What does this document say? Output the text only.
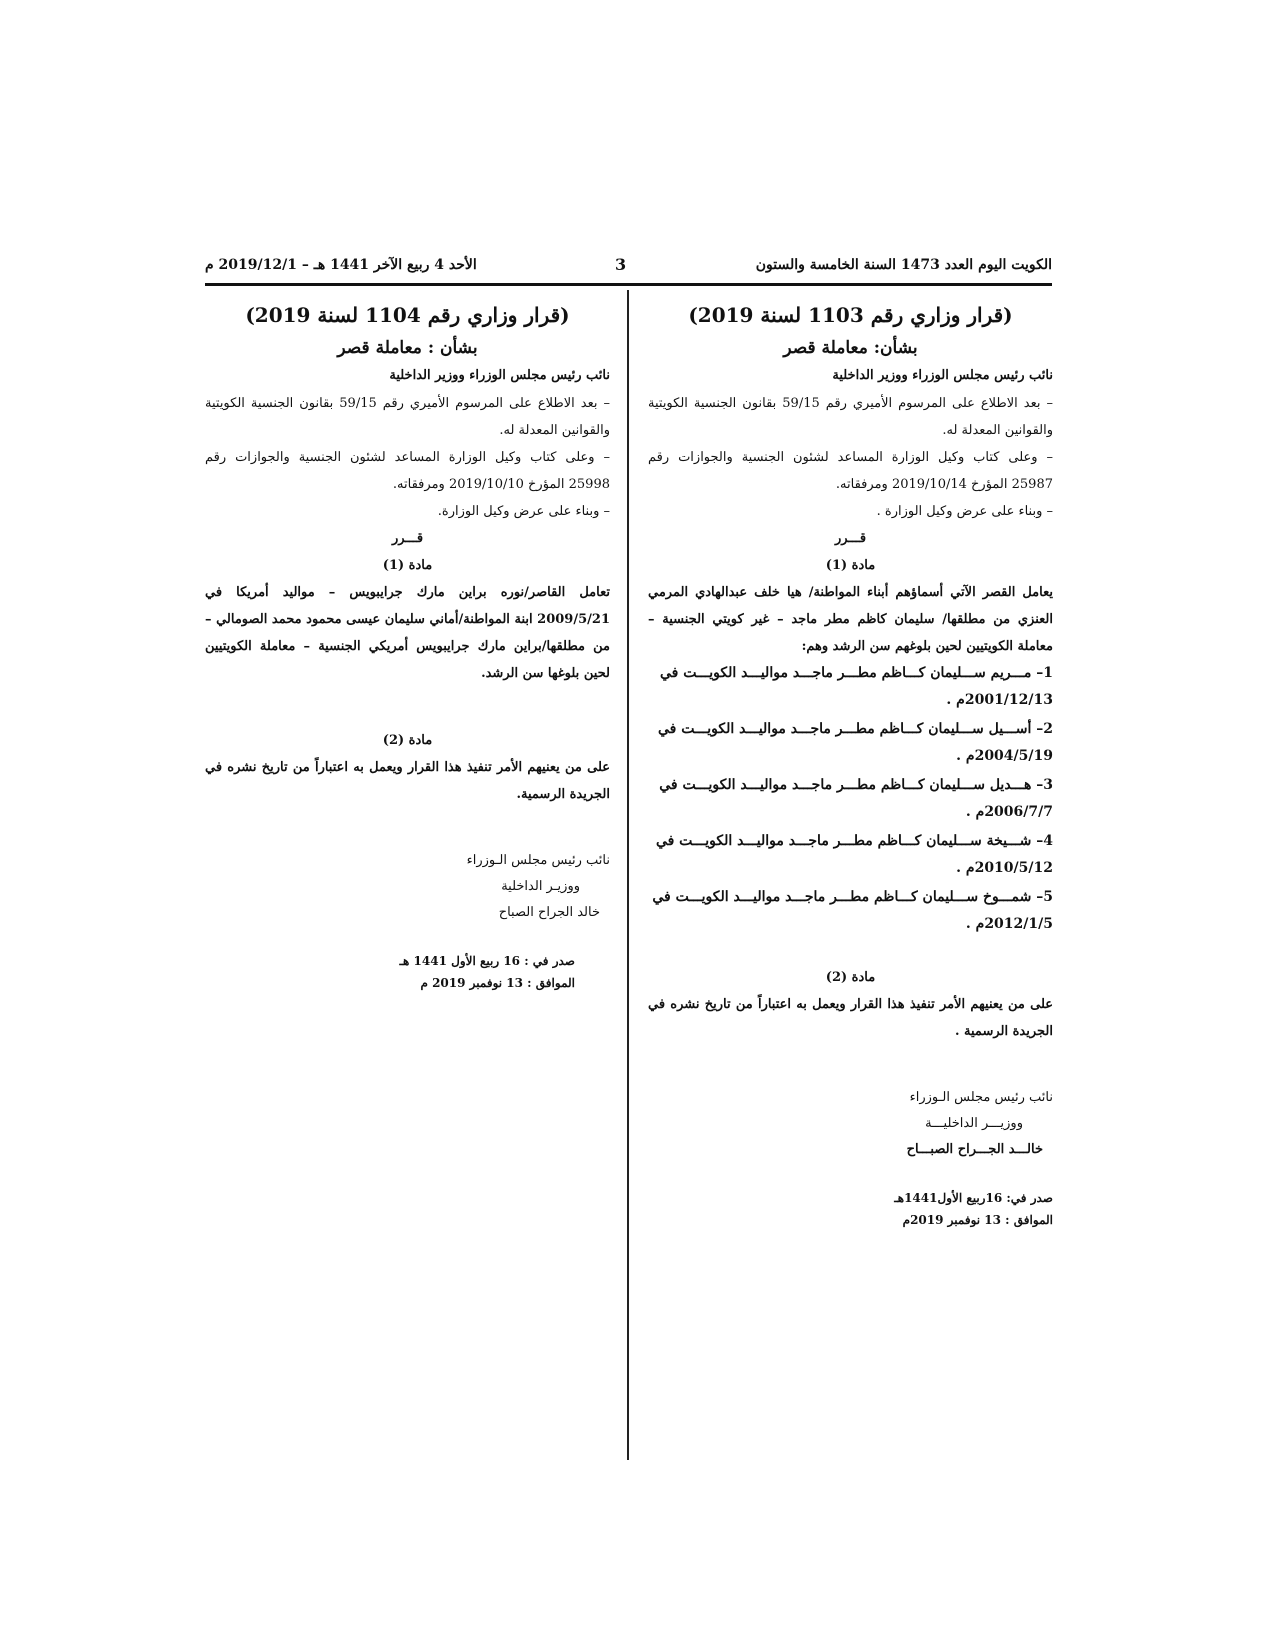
الأحد 4 ربيع الآخر 1441 هـ – 2019/12/1 م	3	الكويت اليوم العدد 1473 السنة الخامسة والستون

(قرار وزاري رقم 1103 لسنة 2019)

بشأن: معاملة قصر

نائب رئيس مجلس الوزراء ووزير الداخلية

– بعد الاطلاع على المرسوم الأميري رقم 59/15 بقانون الجنسية الكويتية والقوانين المعدلة له.

– وعلى كتاب وكيل الوزارة المساعد لشئون الجنسية والجوازات رقم 25987 المؤرخ 2019/10/14 ومرفقاته.

– وبناء على عرض وكيل الوزارة .

قـــرر

مادة (1)

يعامل القصر الآتي أسماؤهم أبناء المواطنة/ هيا خلف عبدالهادي المرمي العنزي من مطلقها/ سليمان كاظم مطر ماجد – غير كويتي الجنسية – معاملة الكويتيين لحين بلوغهم سن الرشد وهم:

1– مـــريم ســـليمان كـــاظم مطـــر ماجـــد مواليـــد الكويـــت في
2001/12/13م .

2– أســـيل ســـليمان كـــاظم مطـــر ماجـــد مواليـــد الكويـــت في
2004/5/19م .

3– هـــديل ســـليمان كـــاظم مطـــر ماجـــد مواليـــد الكويـــت في
2006/7/7م .

4– شـــيخة ســـليمان كـــاظم مطـــر ماجـــد مواليـــد الكويـــت في
2010/5/12م .

5– شمـــوخ ســـليمان كـــاظم مطـــر ماجـــد مواليـــد الكويـــت في
2012/1/5م .

مادة (2)

على من يعنيهم الأمر تنفيذ هذا القرار ويعمل به اعتباراً من تاريخ نشره في الجريدة الرسمية .

نائب رئيس مجلس الـوزراء

ووزيـــر الداخليـــة

خالـــد الجـــراح الصبـــاح

صدر في: 16ربيع الأول1441هـ

الموافق : 13 نوفمبر 2019م

(قرار وزاري رقم 1104 لسنة 2019)

بشأن : معاملة قصر

نائب رئيس مجلس الوزراء ووزير الداخلية

– بعد الاطلاع على المرسوم الأميري رقم 59/15 بقانون الجنسية الكويتية والقوانين المعدلة له.

– وعلى كتاب وكيل الوزارة المساعد لشئون الجنسية والجوازات رقم 25998 المؤرخ 2019/10/10 ومرفقاته.

– وبناء على عرض وكيل الوزارة.

قـــرر

مادة (1)

تعامل القاصر/نوره براين مارك جرايبويس – مواليد أمريكا في 2009/5/21 ابنة المواطنة/أماني سليمان عيسى محمود محمد الصومالي – من مطلقها/براين مارك جرايبويس أمريكي الجنسية – معاملة الكويتيين لحين بلوغها سن الرشد.

مادة (2)

على من يعنيهم الأمر تنفيذ هذا القرار ويعمل به اعتباراً من تاريخ نشره في الجريدة الرسمية.

نائب رئيس مجلس الـوزراء

ووزيـر الداخلية

خالد الجراح الصباح

صدر في : 16 ربيع الأول 1441 هـ

الموافق : 13 نوفمبر 2019 م
